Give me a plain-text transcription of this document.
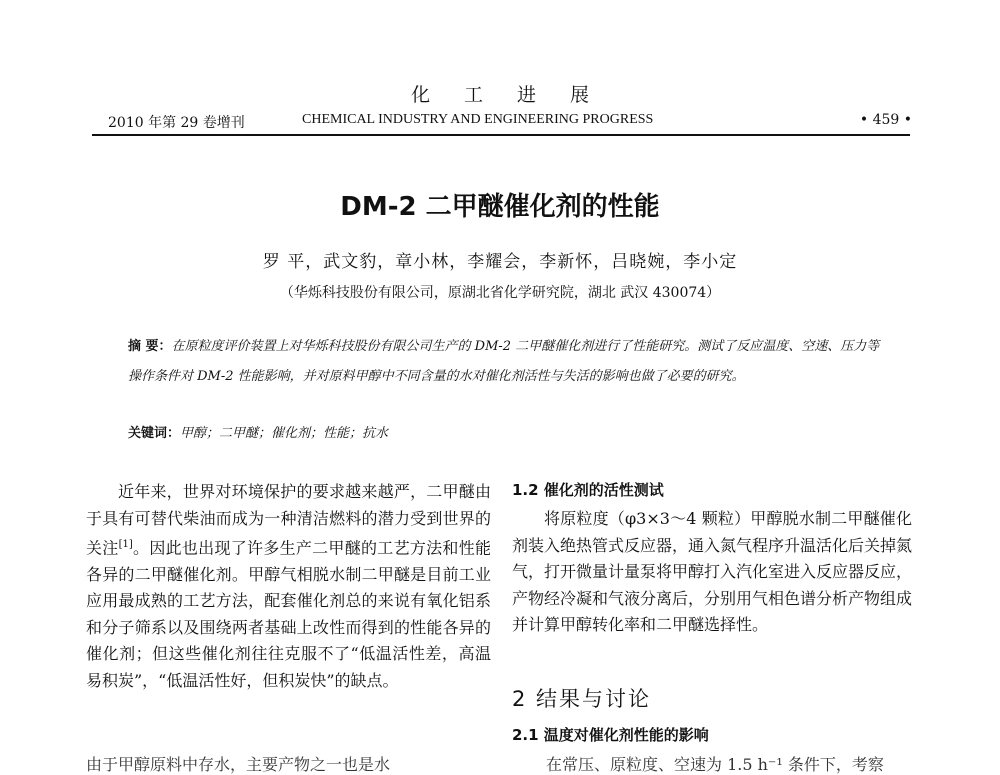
化工进展
2010 年第 29 卷增刊	CHEMICAL INDUSTRY AND ENGINEERING PROGRESS	• 459 •
DM-2 二甲醚催化剂的性能
罗 平，武文豹，章小林，李耀会，李新怀，吕晓婉，李小定
（华烁科技股份有限公司，原湖北省化学研究院，湖北 武汉 430074）
摘 要：在原粒度评价装置上对华烁科技股份有限公司生产的 DM-2 二甲醚催化剂进行了性能研究。测试了反应温度、空速、压力等操作条件对 DM-2 性能影响，并对原料甲醇中不同含量的水对催化剂活性与失活的影响也做了必要的研究。
关键词：甲醇；二甲醚；催化剂；性能；抗水

近年来，世界对环境保护的要求越来越严，二甲醚由于具有可替代柴油而成为一种清洁燃料的潜力受到世界的关注[1]。因此也出现了许多生产二甲醚的工艺方法和性能各异的二甲醚催化剂。甲醇气相脱水制二甲醚是目前工业应用最成熟的工艺方法，配套催化剂总的来说有氧化铝系和分子筛系以及围绕两者基础上改性而得到的性能各异的催化剂；但这些催化剂往往克服不了“低温活性差，高温易积炭”，“低温活性好，但积炭快”的缺点。

由于甲醇原料中存水，主要产物之一也是水
1.2 催化剂的活性测试

将原粒度（φ3×3～4 颗粒）甲醇脱水制二甲醚催化剂装入绝热管式反应器，通入氮气程序升温活化后关掉氮气，打开微量计量泵将甲醇打入汽化室进入反应器反应，产物经冷凝和气液分离后，分别用气相色谱分析产物组成并计算甲醇转化率和二甲醚选择性。

2 结果与讨论
2.1 温度对催化剂性能的影响
在常压、原粒度、空速为 1.5 h⁻¹ 条件下，考察
